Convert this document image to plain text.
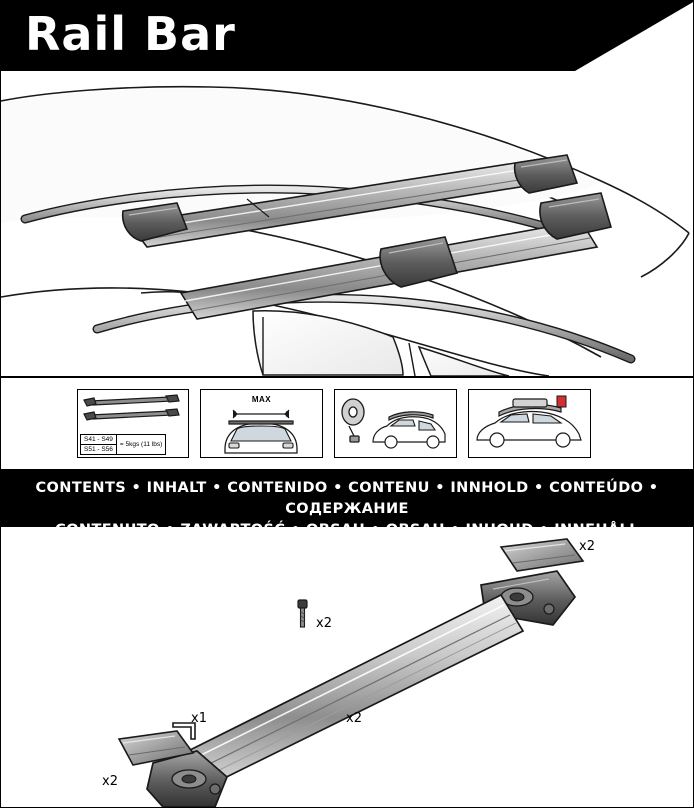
Rail Bar
S41 - S49	= 5kgs (11 lbs)
S51 - S56
MAX
CONTENTS • INHALT • CONTENIDO • CONTENU • INNHOLD • CONTEÚDO • СОДЕРЖАНИЕ
x2
x2
x2
x1
x2
